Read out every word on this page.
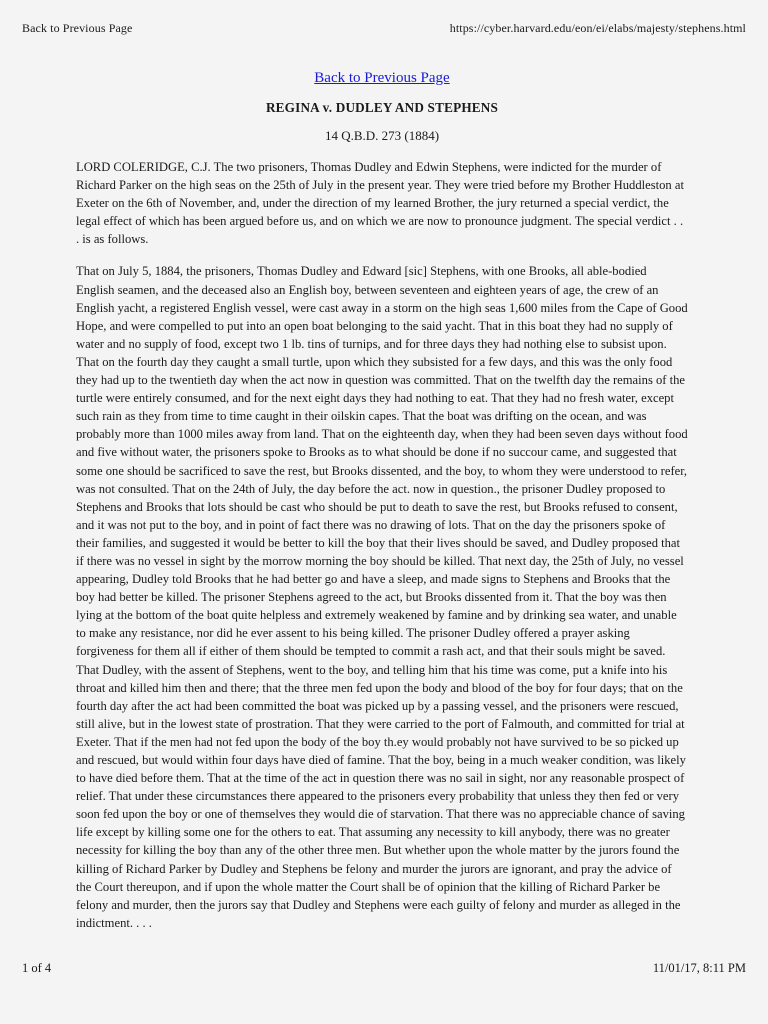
Back to Previous Page	https://cyber.harvard.edu/eon/ei/elabs/majesty/stephens.html
Back to Previous Page
REGINA v. DUDLEY AND STEPHENS
14 Q.B.D. 273 (1884)

LORD COLERIDGE, C.J. The two prisoners, Thomas Dudley and Edwin Stephens, were indicted for the murder of Richard Parker on the high seas on the 25th of July in the present year. They were tried before my Brother Huddleston at Exeter on the 6th of November, and, under the direction of my learned Brother, the jury returned a special verdict, the legal effect of which has been argued before us, and on which we are now to pronounce judgment. The special verdict . . . is as follows.

That on July 5, 1884, the prisoners, Thomas Dudley and Edward [sic] Stephens, with one Brooks, all able-bodied English seamen, and the deceased also an English boy, between seventeen and eighteen years of age, the crew of an English yacht, a registered English vessel, were cast away in a storm on the high seas 1,600 miles from the Cape of Good Hope, and were compelled to put into an open boat belonging to the said yacht. That in this boat they had no supply of water and no supply of food, except two 1 lb. tins of turnips, and for three days they had nothing else to subsist upon. That on the fourth day they caught a small turtle, upon which they subsisted for a few days, and this was the only food they had up to the twentieth day when the act now in question was committed. That on the twelfth day the remains of the turtle were entirely consumed, and for the next eight days they had nothing to eat. That they had no fresh water, except such rain as they from time to time caught in their oilskin capes. That the boat was drifting on the ocean, and was probably more than 1000 miles away from land. That on the eighteenth day, when they had been seven days without food and five without water, the prisoners spoke to Brooks as to what should be done if no succour came, and suggested that some one should be sacrificed to save the rest, but Brooks dissented, and the boy, to whom they were understood to refer, was not consulted. That on the 24th of July, the day before the act. now in question., the prisoner Dudley proposed to Stephens and Brooks that lots should be cast who should be put to death to save the rest, but Brooks refused to consent, and it was not put to the boy, and in point of fact there was no drawing of lots. That on the day the prisoners spoke of their families, and suggested it would be better to kill the boy that their lives should be saved, and Dudley proposed that if there was no vessel in sight by the morrow morning the boy should be killed. That next day, the 25th of July, no vessel appearing, Dudley told Brooks that he had better go and have a sleep, and made signs to Stephens and Brooks that the boy had better be killed. The prisoner Stephens agreed to the act, but Brooks dissented from it. That the boy was then lying at the bottom of the boat quite helpless and extremely weakened by famine and by drinking sea water, and unable to make any resistance, nor did he ever assent to his being killed. The prisoner Dudley offered a prayer asking forgiveness for them all if either of them should be tempted to commit a rash act, and that their souls might be saved. That Dudley, with the assent of Stephens, went to the boy, and telling him that his time was come, put a knife into his throat and killed him then and there; that the three men fed upon the body and blood of the boy for four days; that on the fourth day after the act had been committed the boat was picked up by a passing vessel, and the prisoners were rescued, still alive, but in the lowest state of prostration. That they were carried to the port of Falmouth, and committed for trial at Exeter. That if the men had not fed upon the body of the boy th.ey would probably not have survived to be so picked up and rescued, but would within four days have died of famine. That the boy, being in a much weaker condition, was likely to have died before them. That at the time of the act in question there was no sail in sight, nor any reasonable prospect of relief. That under these circumstances there appeared to the prisoners every probability that unless they then fed or very soon fed upon the boy or one of themselves they would die of starvation. That there was no appreciable chance of saving life except by killing some one for the others to eat. That assuming any necessity to kill anybody, there was no greater necessity for killing the boy than any of the other three men. But whether upon the whole matter by the jurors found the killing of Richard Parker by Dudley and Stephens be felony and murder the jurors are ignorant, and pray the advice of the Court thereupon, and if upon the whole matter the Court shall be of opinion that the killing of Richard Parker be felony and murder, then the jurors say that Dudley and Stephens were each guilty of felony and murder as alleged in the indictment. . . .

1 of 4	11/01/17, 8:11 PM
